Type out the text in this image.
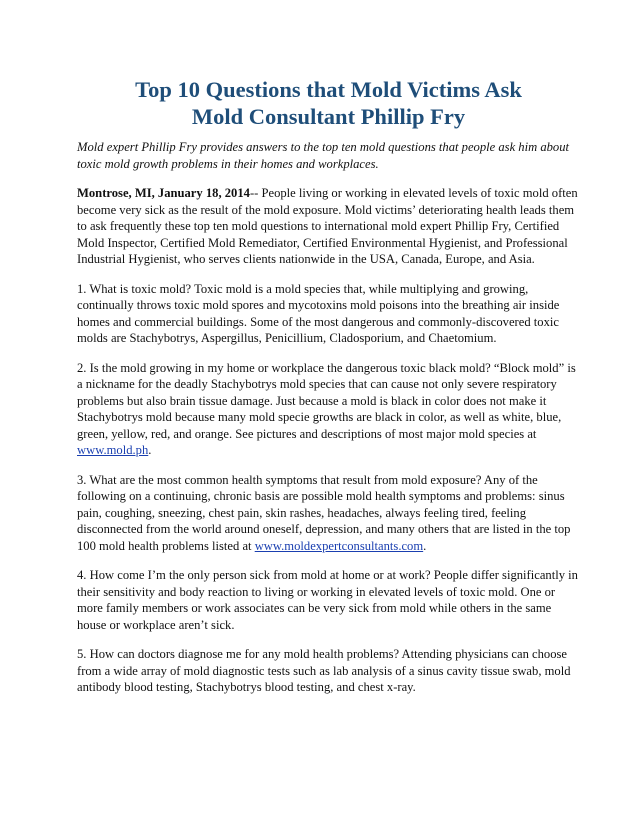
Top 10 Questions that Mold Victims Ask
Mold Consultant Phillip Fry

Mold expert Phillip Fry provides answers to the top ten mold questions that people ask him about toxic mold growth problems in their homes and workplaces.

Montrose, MI, January 18, 2014-- People living or working in elevated levels of toxic mold often become very sick as the result of the mold exposure. Mold victims’ deteriorating health leads them to ask frequently these top ten mold questions to international mold expert Phillip Fry, Certified Mold Inspector, Certified Mold Remediator, Certified Environmental Hygienist, and Professional Industrial Hygienist, who serves clients nationwide in the USA, Canada, Europe, and Asia.

1. What is toxic mold? Toxic mold is a mold species that, while multiplying and growing, continually throws toxic mold spores and mycotoxins mold poisons into the breathing air inside homes and commercial buildings. Some of the most dangerous and commonly-discovered toxic molds are Stachybotrys, Aspergillus, Penicillium, Cladosporium, and Chaetomium.

2. Is the mold growing in my home or workplace the dangerous toxic black mold? “Block mold” is a nickname for the deadly Stachybotrys mold species that can cause not only severe respiratory problems but also brain tissue damage. Just because a mold is black in color does not make it Stachybotrys mold because many mold specie growths are black in color, as well as white, blue, green, yellow, red, and orange. See pictures and descriptions of most major mold species at www.mold.ph.

3. What are the most common health symptoms that result from mold exposure? Any of the following on a continuing, chronic basis are possible mold health symptoms and problems: sinus pain, coughing, sneezing, chest pain, skin rashes, headaches, always feeling tired, feeling disconnected from the world around oneself, depression, and many others that are listed in the top 100 mold health problems listed at www.moldexpertconsultants.com.

4. How come I’m the only person sick from mold at home or at work? People differ significantly in their sensitivity and body reaction to living or working in elevated levels of toxic mold. One or more family members or work associates can be very sick from mold while others in the same house or workplace aren’t sick.

5. How can doctors diagnose me for any mold health problems? Attending physicians can choose from a wide array of mold diagnostic tests such as lab analysis of a sinus cavity tissue swab, mold antibody blood testing, Stachybotrys blood testing, and chest x-ray.
